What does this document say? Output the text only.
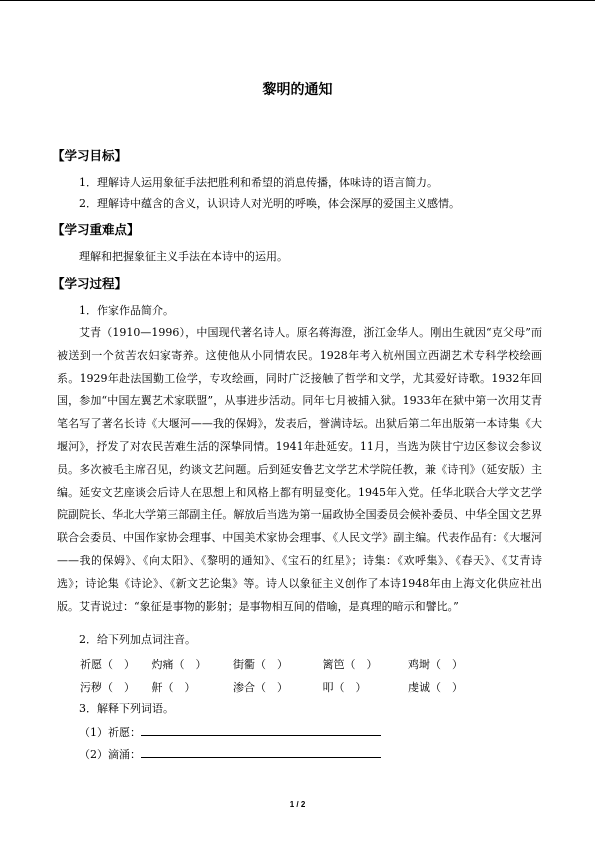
黎明的通知
【学习目标】
1．理解诗人运用象征手法把胜利和希望的消息传播，体味诗的语言简力。
2．理解诗中蕴含的含义，认识诗人对光明的呼唤，体会深厚的爱国主义感情。
【学习重难点】
理解和把握象征主义手法在本诗中的运用。
【学习过程】
1．作家作品简介。

艾青（1910—1996），中国现代著名诗人。原名蒋海澄，浙江金华人。刚出生就因“克父母”而被送到一个贫苦农妇家寄养。这使他从小同情农民。1928年考入杭州国立西湖艺术专科学校绘画系。1929年赴法国勤工俭学，专攻绘画，同时广泛接触了哲学和文学，尤其爱好诗歌。1932年回国，参加“中国左翼艺术家联盟”，从事进步活动。同年七月被捕入狱。1933年在狱中第一次用艾青笔名写了著名长诗《大堰河——我的保姆》，发表后，誉满诗坛。出狱后第二年出版第一本诗集《大堰河》，抒发了对农民苦难生活的深挚同情。1941年赴延安。11月，当选为陕甘宁边区参议会参议员。多次被毛主席召见，约谈文艺问题。后到延安鲁艺文学艺术学院任教，兼《诗刊》（延安版）主编。延安文艺座谈会后诗人在思想上和风格上都有明显变化。1945年入党。任华北联合大学文艺学院副院长、华北大学第三部副主任。解放后当选为第一届政协全国委员会候补委员、中华全国文艺界联合会委员、中国作家协会理事、中国美术家协会理事、《人民文学》副主编。代表作品有：《大堰河——我的保姆》、《向太阳》、《黎明的通知》、《宝石的红星》；诗集：《欢呼集》、《春天》、《艾青诗选》；诗论集《诗论》、《新文艺论集》等。诗人以象征主义创作了本诗1948年由上海文化供应社出版。艾青说过：“象征是事物的影射；是事物相互间的借喻，是真理的暗示和譬比。”

2．给下列加点词注音。
祈愿（　） 灼痛（　） 街衢（　）	篱笆（　）	鸡埘（　）
污秽（　） 鼾（　）	渗合（　）	叩（　）	虔诚（　）
3．解释下列词语。
（1）祈愿：
（2）滴涌：
1 / 2
